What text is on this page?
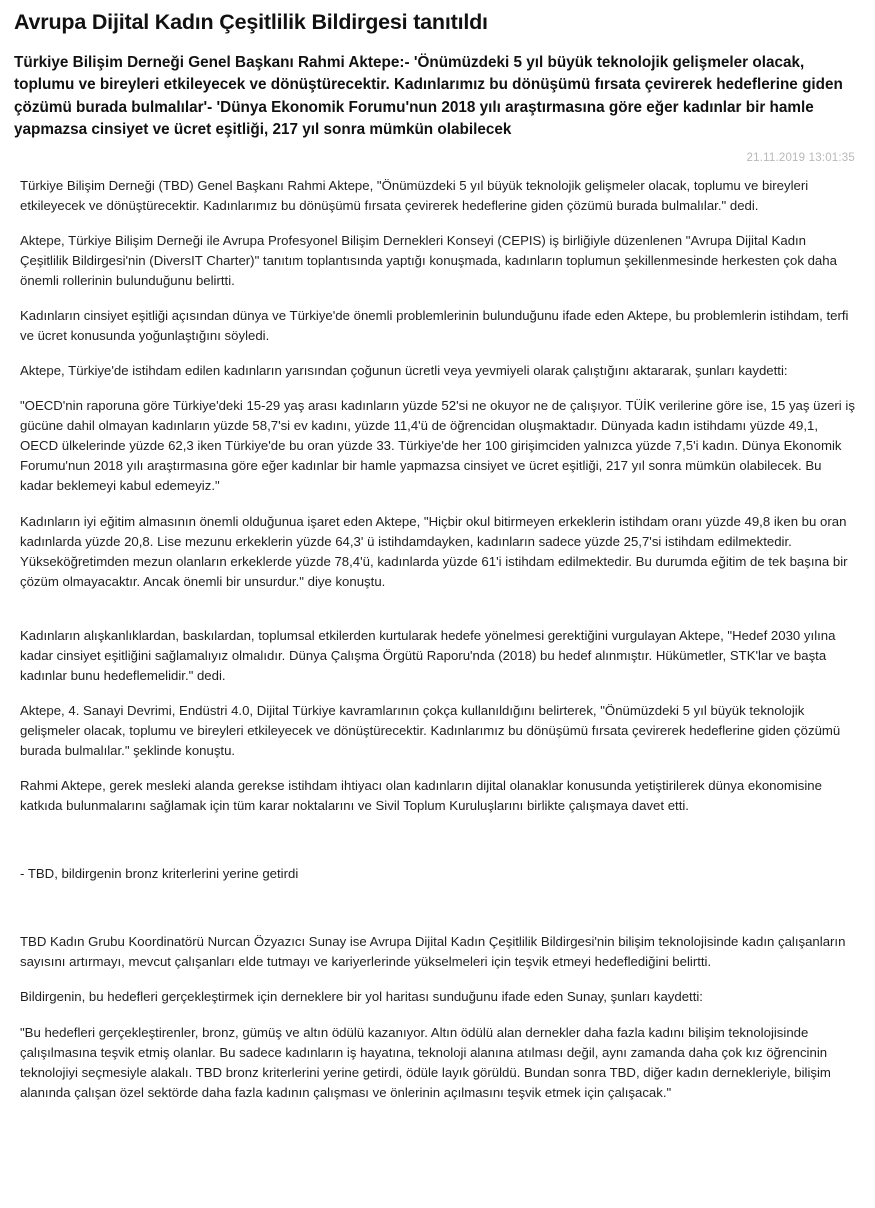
Avrupa Dijital Kadın Çeşitlilik Bildirgesi tanıtıldı
Türkiye Bilişim Derneği Genel Başkanı Rahmi Aktepe:- 'Önümüzdeki 5 yıl büyük teknolojik gelişmeler olacak, toplumu ve bireyleri etkileyecek ve dönüştürecektir. Kadınlarımız bu dönüşümü fırsata çevirerek hedeflerine giden çözümü burada bulmalılar'- 'Dünya Ekonomik Forumu'nun 2018 yılı araştırmasına göre eğer kadınlar bir hamle yapmazsa cinsiyet ve ücret eşitliği, 217 yıl sonra mümkün olabilecek
21.11.2019 13:01:35

Türkiye Bilişim Derneği (TBD) Genel Başkanı Rahmi Aktepe, "Önümüzdeki 5 yıl büyük teknolojik gelişmeler olacak, toplumu ve bireyleri etkileyecek ve dönüştürecektir. Kadınlarımız bu dönüşümü fırsata çevirerek hedeflerine giden çözümü burada bulmalılar." dedi.

Aktepe, Türkiye Bilişim Derneği ile Avrupa Profesyonel Bilişim Dernekleri Konseyi (CEPIS) iş birliğiyle düzenlenen "Avrupa Dijital Kadın Çeşitlilik Bildirgesi'nin (DiversIT Charter)" tanıtım toplantısında yaptığı konuşmada, kadınların toplumun şekillenmesinde herkesten çok daha önemli rollerinin bulunduğunu belirtti.

Kadınların cinsiyet eşitliği açısından dünya ve Türkiye'de önemli problemlerinin bulunduğunu ifade eden Aktepe, bu problemlerin istihdam, terfi ve ücret konusunda yoğunlaştığını söyledi.

Aktepe, Türkiye'de istihdam edilen kadınların yarısından çoğunun ücretli veya yevmiyeli olarak çalıştığını aktararak, şunları kaydetti:

"OECD'nin raporuna göre Türkiye'deki 15-29 yaş arası kadınların yüzde 52'si ne okuyor ne de çalışıyor. TÜİK verilerine göre ise, 15 yaş üzeri iş gücüne dahil olmayan kadınların yüzde 58,7'si ev kadını, yüzde 11,4'ü de öğrencidan oluşmaktadır. Dünyada kadın istihdamı yüzde 49,1, OECD ülkelerinde yüzde 62,3 iken Türkiye'de bu oran yüzde 33. Türkiye'de her 100 girişimciden yalnızca yüzde 7,5'i kadın. Dünya Ekonomik Forumu'nun 2018 yılı araştırmasına göre eğer kadınlar bir hamle yapmazsa cinsiyet ve ücret eşitliği, 217 yıl sonra mümkün olabilecek. Bu kadar beklemeyi kabul edemeyiz."

Kadınların iyi eğitim almasının önemli olduğunua işaret eden Aktepe, "Hiçbir okul bitirmeyen erkeklerin istihdam oranı yüzde 49,8 iken bu oran kadınlarda yüzde 20,8. Lise mezunu erkeklerin yüzde 64,3' ü istihdamdayken, kadınların sadece yüzde 25,7'si istihdam edilmektedir. Yükseköğretimden mezun olanların erkeklerde yüzde 78,4'ü, kadınlarda yüzde 61'i istihdam edilmektedir. Bu durumda eğitim de tek başına bir çözüm olmayacaktır. Ancak önemli bir unsurdur." diye konuştu.

Kadınların alışkanlıklardan, baskılardan, toplumsal etkilerden kurtularak hedefe yönelmesi gerektiğini vurgulayan Aktepe, "Hedef 2030 yılına kadar cinsiyet eşitliğini sağlamalıyız olmalıdır. Dünya Çalışma Örgütü Raporu'nda (2018) bu hedef alınmıştır. Hükümetler, STK'lar ve başta kadınlar bunu hedeflemelidir." dedi.

Aktepe, 4. Sanayi Devrimi, Endüstri 4.0, Dijital Türkiye kavramlarının çokça kullanıldığını belirterek, "Önümüzdeki 5 yıl büyük teknolojik gelişmeler olacak, toplumu ve bireyleri etkileyecek ve dönüştürecektir. Kadınlarımız bu dönüşümü fırsata çevirerek hedeflerine giden çözümü burada bulmalılar." şeklinde konuştu.

Rahmi Aktepe, gerek mesleki alanda gerekse istihdam ihtiyacı olan kadınların dijital olanaklar konusunda yetiştirilerek dünya ekonomisine katkıda bulunmalarını sağlamak için tüm karar noktalarını ve Sivil Toplum Kuruluşlarını birlikte çalışmaya davet etti.

- TBD, bildirgenin bronz kriterlerini yerine getirdi

TBD Kadın Grubu Koordinatörü Nurcan Özyazıcı Sunay ise Avrupa Dijital Kadın Çeşitlilik Bildirgesi'nin bilişim teknolojisinde kadın çalışanların sayısını artırmayı, mevcut çalışanları elde tutmayı ve kariyerlerinde yükselmeleri için teşvik etmeyi hedeflediğini belirtti.

Bildirgenin, bu hedefleri gerçekleştirmek için derneklere bir yol haritası sunduğunu ifade eden Sunay, şunları kaydetti:

"Bu hedefleri gerçekleştirenler, bronz, gümüş ve altın ödülü kazanıyor. Altın ödülü alan dernekler daha fazla kadını bilişim teknolojisinde çalışılmasına teşvik etmiş olanlar. Bu sadece kadınların iş hayatına, teknoloji alanına atılması değil, aynı zamanda daha çok kız öğrencinin teknolojiyi seçmesiyle alakalı. TBD bronz kriterlerini yerine getirdi, ödüle layık görüldü. Bundan sonra TBD, diğer kadın dernekleriyle, bilişim alanında çalışan özel sektörde daha fazla kadının çalışması ve önlerinin açılmasını teşvik etmek için çalışacak."
